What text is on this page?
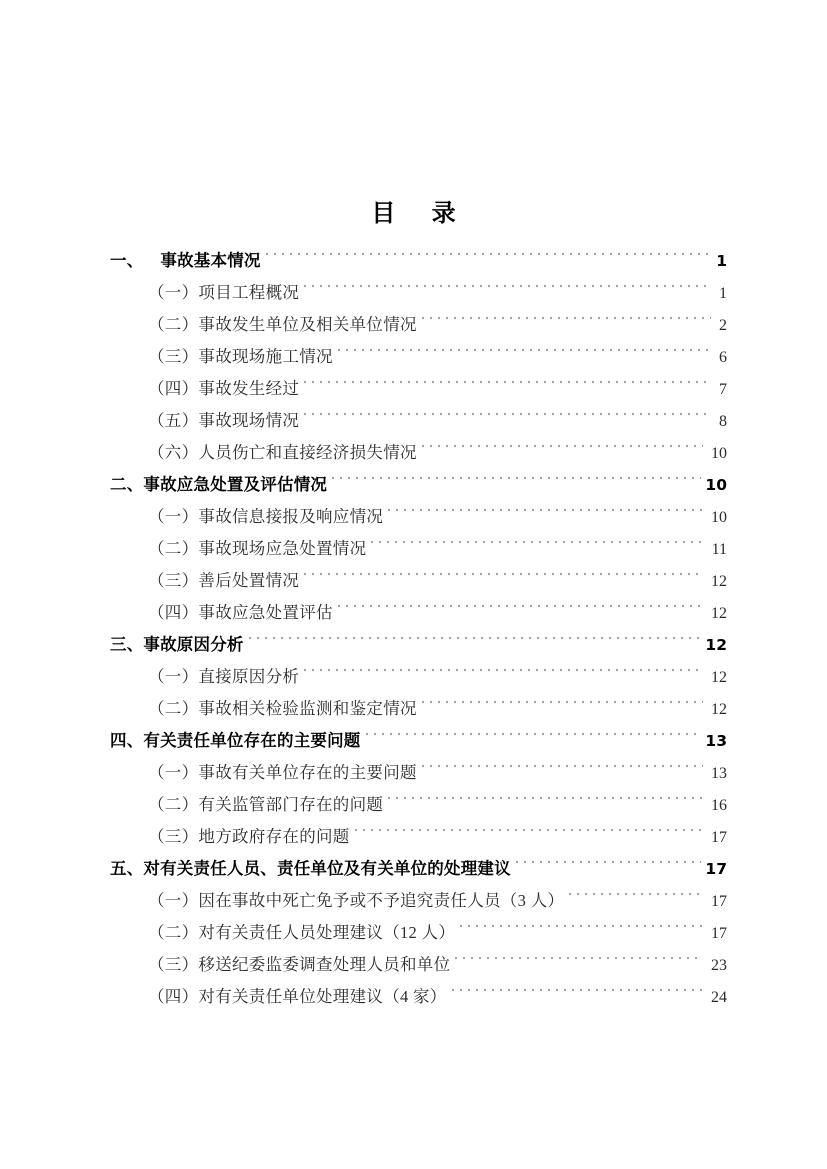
目 录
一、 事故基本情况	1
（一）项目工程概况	1
（二）事故发生单位及相关单位情况	2
（三）事故现场施工情况	6
（四）事故发生经过	7
（五）事故现场情况	8
（六）人员伤亡和直接经济损失情况	10
二、事故应急处置及评估情况	10
（一）事故信息接报及响应情况	10
（二）事故现场应急处置情况	11
（三）善后处置情况	12
（四）事故应急处置评估	12
三、事故原因分析	12
（一）直接原因分析	12
（二）事故相关检验监测和鉴定情况	12
四、有关责任单位存在的主要问题	13
（一）事故有关单位存在的主要问题	13
（二）有关监管部门存在的问题	16
（三）地方政府存在的问题	17
五、对有关责任人员、责任单位及有关单位的处理建议	17
（一）因在事故中死亡免予或不予追究责任人员（3 人）	17
（二）对有关责任人员处理建议（12 人）	17
（三）移送纪委监委调查处理人员和单位	23
（四）对有关责任单位处理建议（4 家）	24
